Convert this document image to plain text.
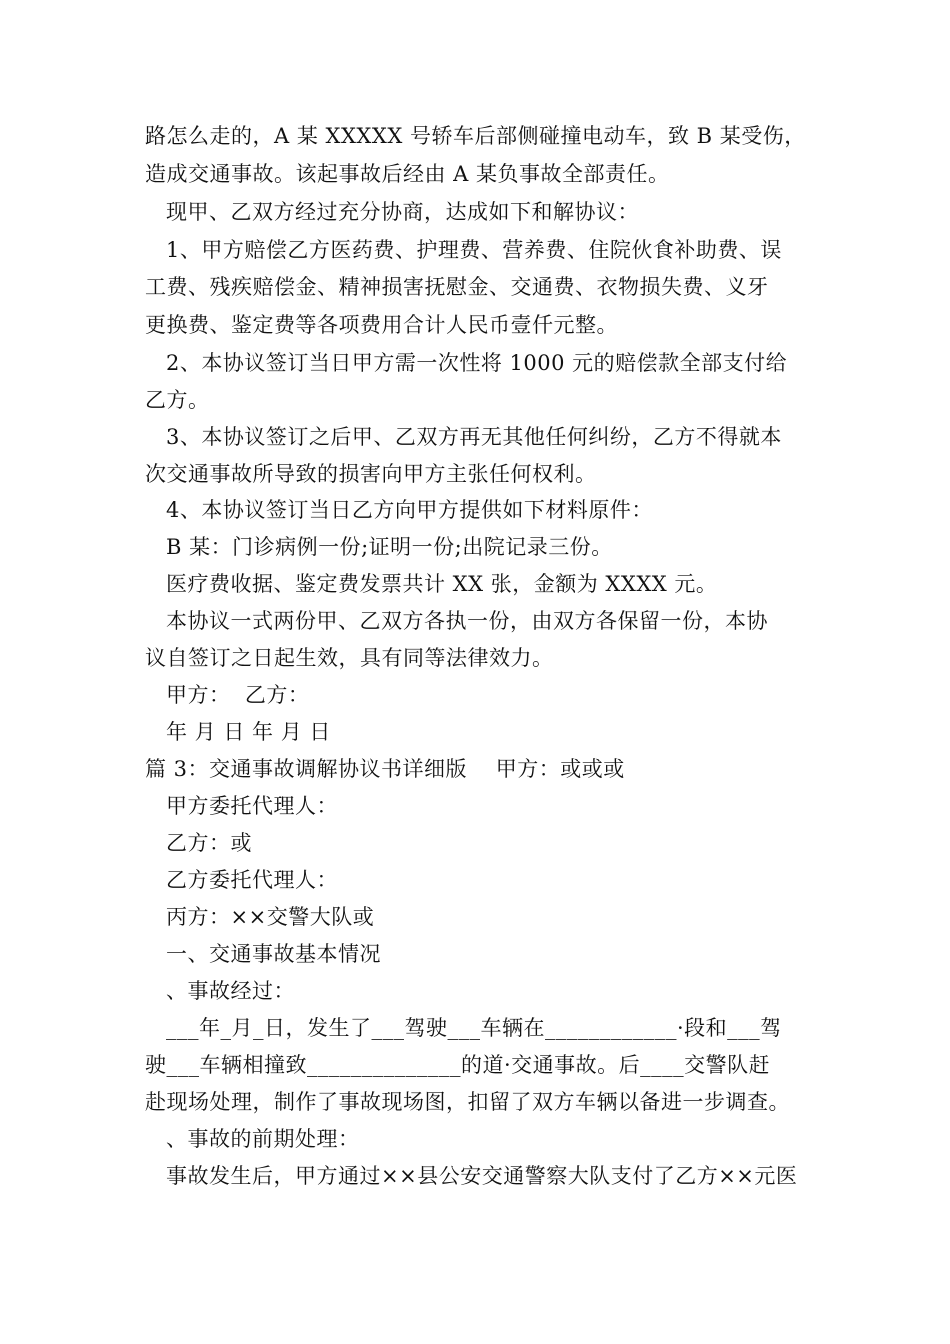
路怎么走的，A 某 XXXXX 号轿车后部侧碰撞电动车，致 B 某受伤，
造成交通事故。该起事故后经由 A 某负事故全部责任。
现甲、乙双方经过充分协商，达成如下和解协议：
1、甲方赔偿乙方医药费、护理费、营养费、住院伙食补助费、误
工费、残疾赔偿金、精神损害抚慰金、交通费、衣物损失费、义牙
更换费、鉴定费等各项费用合计人民币壹仟元整。
2、本协议签订当日甲方需一次性将 1000 元的赔偿款全部支付给
乙方。
3、本协议签订之后甲、乙双方再无其他任何纠纷，乙方不得就本
次交通事故所导致的损害向甲方主张任何权利。
4、本协议签订当日乙方向甲方提供如下材料原件：
B 某：门诊病例一份;证明一份;出院记录三份。
医疗费收据、鉴定费发票共计 XX 张，金额为 XXXX 元。
本协议一式两份甲、乙双方各执一份，由双方各保留一份，本协
议自签订之日起生效，具有同等法律效力。
甲方：  乙方：
年 月 日 年 月 日
篇 3：交通事故调解协议书详细版    甲方：或或或
甲方委托代理人：
乙方：或
乙方委托代理人：
丙方：××交警大队或
一、交通事故基本情况
、事故经过：
___年_月_日，发生了___驾驶___车辆在____________·段和___驾
驶___车辆相撞致______________的道·交通事故。后____交警队赶
赴现场处理，制作了事故现场图，扣留了双方车辆以备进一步调查。
、事故的前期处理：
事故发生后，甲方通过××县公安交通警察大队支付了乙方××元医
